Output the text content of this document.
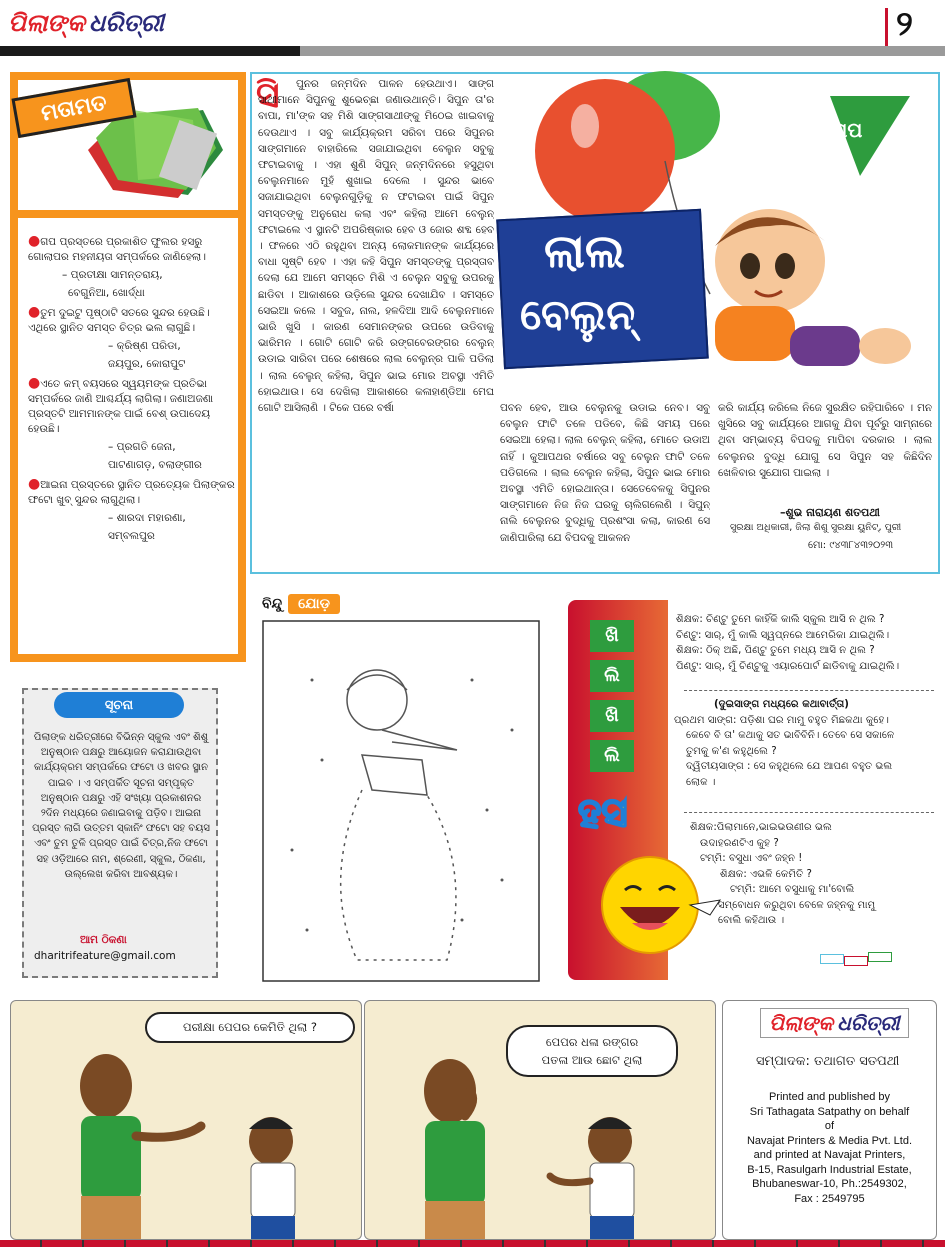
ପିଲାଙ୍କ ଧରିତ୍ରୀ	୨
ମତାମତ

●ଗପ ପ୍ରସ୍ତରେ ପ୍ରକାଶିତ ଫୁଲର ହସରୁ ଗୋଲାପର ମହନୀୟତା ସମ୍ପର୍କରେ ଜାଣିହେଲା।

– ପ୍ରତୀକ୍ଷା ସାମନ୍ତରାୟ,

ବେଗୁନିଆ, ଖୋର୍ଦ୍ଧା

●ତୁମ ଦୁଇଟୁ ପୃଷ୍ଠାଟି ସତରେ ସୁନ୍ଦର ହେଉଛି। ଏଥିରେ ସ୍ଥାନିତ ସମସ୍ତ ଚିତ୍ର ଭଲ ଲାଗୁଛି।

– କ୍ରିଷ୍ଣ ପରିଡା,

ଜୟପୁର, କୋରାପୁଟ

●ଏତେ କମ୍ ବୟସରେ ସ୍ୱୟମଙ୍କ ପ୍ରତିଭା ସମ୍ପର୍କରେ ଜାଣି ଆଶ୍ଚର୍ଯ୍ୟ ଲାଗିଲା। ଜଣାଅଜଣା ପ୍ରସ୍ତଟି ଆମମାନଙ୍କ ପାଇଁ ବେଶ୍ ଉପାଦେୟ ହେଉଛି।

– ପ୍ରଗତି ଜେନା,

ପାଟଣାଗଡ଼, ବଲାଙ୍ଗୀର

●ଆଇନା ପ୍ରସ୍ତରେ ସ୍ଥାନିତ ପ୍ରତ୍ୟେକ ପିଲାଙ୍କର ଫଟୋ ଖୁବ୍ ସୁନ୍ଦର ଲାଗୁଥିଲା।

– ଶାରଦା ମହାରଣା,

ସମ୍ବଲପୁର

ଗପ
ଲାଲ
ବେଲୁନ୍
ସି	ପୁନର ଜନ୍ମଦିନ ପାଳନ ହେଉଥାଏ। ସାଙ୍ଗ ସାଥୀମାନେ ସିପୁନକୁ ଶୁଭେଚ୍ଛା ଜଣାଉଥାନ୍ତି। ସିପୁନ ତା'ର ବାପା, ମା'ଙ୍କ ସହ ମିଶି ସାଙ୍ଗସାଥୀଙ୍କୁ ମିଠେଇ ଖାଇବାକୁ ଦେଉଥାଏ । ସବୁ କାର୍ଯ୍ୟକ୍ରମ ସରିବା ପରେ ସିପୁନର ସାଙ୍ଗମାନେ ବାହାରିଲେ ସଜାଯାଇଥିବା ବେଲୁନ ସବୁକୁ ଫଟାଇବାକୁ । ଏହା ଶୁଣି ସିପୁନ୍ ଜନ୍ମଦିନରେ ହସୁଥିବା ବେଲୁନମାନେ ମୁହଁ ଶୁଖାଇ ଦେଲେ । ସୁନ୍ଦର ଭାବେ ସଜାଯାଇଥିବା ବେଲୁନଗୁଡ଼ିକୁ ନ ଫଟାଇବା ପାଇଁ ସିପୁନ ସମସ୍ତଙ୍କୁ ଅନୁରୋଧ କଲା ଏବଂ କହିଲା ଆମେ ବେଲୁନ୍ ଫଟାଇଲେ ଏ ସ୍ଥାନଟି ଅପରିଷ୍କାର ହେବ ଓ ଜୋର ଶବ୍ଦ ହେବ । ଫଳରେ ଏଠି ରହୁଥିବା ଅନ୍ୟ ଲୋକମାନଙ୍କ କାର୍ଯ୍ୟରେ ବାଧା ସୃଷ୍ଟି ହେବ । ଏହା କହି ସିପୁନ ସମସ୍ତଙ୍କୁ ପ୍ରସ୍ତାବ ଦେଲା ଯେ ଆମେ ସମସ୍ତେ ମିଶି ଏ ବେଲୁନ ସବୁକୁ ଉପରକୁ ଛାଡିବା । ଆକାଶରେ ଉଡ଼ିଲେ ସୁନ୍ଦର ଦେଖାଯିବ । ସମସ୍ତେ ସେଇଆ କଲେ । ସବୁଜ, ନାଲ, ହଳଦିଆ ଆଦି ବେଲୁନମାନେ ଭାରି ଖୁସି । କାରଣ ସେମାନଙ୍କର ଉପରେ ଉଡିବାକୁ ଭାରିମନ । ଗୋଟି ଗୋଟି କରି ରଙ୍ଗବେରଙ୍ଗର ବେଲୁନ୍ ଉଡାଇ ସାରିବା ପରେ ଶେଷରେ ଲାଲ ବେଲୁନ୍‌ର ପାଳି ପଡିଲା । ଲାଲ ବେଲୁନ୍ କହିଲା, ସିପୁନ ଭାଇ ମୋର ଅବସ୍ଥା ଏମିତି ହୋଇଥାଉ। ସେ ଦେଖିଲା ଆକାଶରେ କଳାହାଣ୍ଡିଆ ମେଘ ଗୋଟି ଆସିଲାଣି । ଟିକେ ପରେ ବର୍ଷା	ପବନ ହେବ, ଆଉ ବେଲୁନକୁ ଉଡାଇ ନେବ। ସବୁ ବେଲୁନ ଫାଟି ତଳେ ପଡିବେ, କିଛି ସମୟ ପରେ ସେଇଆ ହେଲା। ଲାଲ ବେଲୁନ୍ କହିଲା, ମୋତେ ଉଡାଅ ନାହିଁ । କୁଆପଥର ବର୍ଷାରେ ସବୁ ବେଲୁନ ଫାଟି ତଳେ ପଡିଗଲେ । ଲାଲ ବେଲୁନ କହିଲା, ସିପୁନ ଭାଇ ମୋର ଅବସ୍ଥା ଏମିତି ହୋଇଥାନ୍ତା। ସେତେବେଳକୁ ସିପୁନର ସାଙ୍ଗମାନେ ନିଜ ନିଜ ଘରକୁ ଚାଲିଗଲେଣି । ସିପୁନ୍ ନାଲି ବେଲୁନର ବୁଦ୍ଧିକୁ ପ୍ରଶଂସା କଲା, କାରଣ ସେ ଜାଣିପାରିଲା ଯେ ବିପଦକୁ ଆକଳନ
କରି କାର୍ଯ୍ୟ କରିଲେ ନିଜେ ସୁରକ୍ଷିତ ରହିପାରିବେ । ମନ ଖୁସିରେ ସବୁ କାର୍ଯ୍ୟରେ ଆଗକୁ ଯିବା ପୂର୍ବରୁ ସାମ୍ନାରେ ଥିବା ସମ୍ଭାବ୍ୟ ବିପଦକୁ ମାପିବା ଦରକାର । ଲାଲ ବେଲୁନର ବୁଦ୍ଧି ଯୋଗୁ ସେ ସିପୁନ ସହ କିଛିଦିନ ଖେଳିବାର ସୁଯୋଗ ପାଇଲା ।
–ଶୁଭ ନାରାୟଣ ଶତପଥୀ
ସୁରକ୍ଷା ଅଧିକାରୀ, ଜିଲା ଶିଶୁ ସୁରକ୍ଷା ୟୁନିଟ୍, ପୁରୀ
ମୋ: ୯୪୩୮୪୩୨୦୨୩
ସୂଚନା
ପିଲାଙ୍କ ଧରିତ୍ରୀରେ ବିଭିନ୍ନ ସ୍କୁଲ ଏବଂ ଶିଶୁ ଅନୁଷ୍ଠାନ ପକ୍ଷରୁ ଆୟୋଜନ କରାଯାଉଥିବା କାର୍ଯ୍ୟକ୍ରମ ସମ୍ପର୍କରେ ଫଟୋ ଓ ଖବର ସ୍ଥାନ ପାଇବ । ଏ ସମ୍ପର୍କିତ ସୂଚନା ସମ୍ପୃକ୍ତ ଅନୁଷ୍ଠାନ ପକ୍ଷରୁ ଏହି ସଂଖ୍ୟା ପ୍ରକାଶନର ୨ଦିନ ମଧ୍ୟରେ ଜଣାଇବାକୁ ପଡ଼ିବ। ଆଇନା ପ୍ରସ୍ତ ଲାଗି ଉତ୍ତମ ସ୍କାନିଂ ଫଟୋ ସହ ବୟସ ଏବଂ ତୁମ ତୁଳି ପ୍ରସ୍ତ ପାଇଁ ଚିତ୍ର,ନିଜ ଫଟୋ ସହ ଓଡ଼ିଆରେ ନାମ, ଶ୍ରେଣୀ, ସ୍କୁଲ, ଠିକଣା, ଉଲ୍ଲେଖ କରିବା ଆବଶ୍ୟକ।
ଆମ ଠିକଣା
dharitrifeature@gmail.com
ବିନ୍ଦୁ	ଯୋଡ଼
ଖି
ଲି
ଖି
ଲି
ହସ
ଶିକ୍ଷକ: ଚିଣ୍ଟୁ ତୁମେ କାହିଁକି କାଲି ସ୍କୁଲ ଆସି ନ ଥିଲ ?
ଚିଣ୍ଟୁ: ସାର୍, ମୁଁ କାଲି ସ୍ୱପ୍ନରେ ଆମେରିକା ଯାଇଥିଲି।
ଶିକ୍ଷକ: ଠିକ୍ ଅଛି, ପିଣ୍ଟୁ ତୁମେ ମଧ୍ୟ ଆସି ନ ଥିଲ ?
ପିଣ୍ଟୁ: ସାର୍, ମୁଁ ଚିଣ୍ଟୁକୁ ଏୟାରପୋର୍ଟ ଛାଡିବାକୁ ଯାଇଥିଲି।
(ଦୁଇସାଙ୍ଗ ମଧ୍ୟରେ କଥାବାର୍ତ୍ତା)
ପ୍ରଥମ ସାଙ୍ଗ: ପଡ଼ିଶା ଘର ମାମୁ ବହୁତ ମିଛକଥା କୁହେ।
କେବେ ବି ତା' କଥାକୁ ସତ ଭାବିବିନି। ତେବେ ସେ ସକାଳେ
ତୁମକୁ କ'ଣ କହୁଥିଲେ ?
ଦ୍ୱିତୀୟସାଙ୍ଗ : ସେ କହୁଥିଲେ ଯେ ଆପଣ ବହୁତ ଭଲ
ଲୋକ ।
ଶିକ୍ଷକ:ପିଲାମାନେ,ଭାଇଭଉଣୀର ଭଲ
ଉଦାହରଣଟିଏ କୁହ ?
ଟମ୍ମି: ବସୁଧା ଏବଂ ଜହ୍ନ !
ଶିକ୍ଷକ: ଏଭଳି କେମିତି ?
ଟମ୍ମି: ଆମେ ବସୁଧାକୁ ମା'ବୋଲି
ସମ୍ବୋଧନ କରୁଥିବା ବେଳେ ଜହ୍ନକୁ ମାମୁ
ବୋଲି କହିଥାଉ ।
ପରୀକ୍ଷା ପେପର କେମିତି ଥିଲା ?
ପେପର ଧଳା ରଙ୍ଗର
ପତଳା ଆଉ ଛୋଟ ଥିଲା
ପିଲାଙ୍କ ଧରିତ୍ରୀ
ସମ୍ପାଦକ: ତଥାଗତ ସତପଥୀ
Printed and published by
Sri Tathagata Satpathy on behalf
of
Navajat Printers & Media Pvt. Ltd.
and printed at Navajat Printers,
B-15, Rasulgarh Industrial Estate,
Bhubaneswar-10, Ph.:2549302,
Fax : 2549795
